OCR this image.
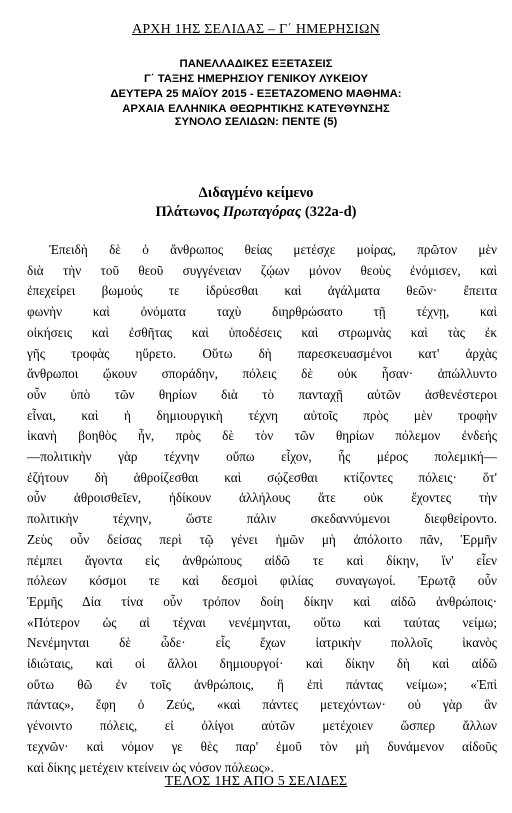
ΑΡΧΗ 1ΗΣ ΣΕΛΙΔΑΣ – Γ΄ ΗΜΕΡΗΣΙΩΝ
ΠΑΝΕΛΛΑΔΙΚΕΣ ΕΞΕΤΑΣΕΙΣ
Γ΄ ΤΑΞΗΣ ΗΜΕΡΗΣΙΟΥ ΓΕΝΙΚΟΥ ΛΥΚΕΙΟΥ
ΔΕΥΤΕΡΑ 25 ΜΑΪΟΥ 2015 - ΕΞΕΤΑΖΟΜΕΝΟ ΜΑΘΗΜΑ:
ΑΡΧΑΙΑ ΕΛΛΗΝΙΚΑ ΘΕΩΡΗΤΙΚΗΣ ΚΑΤΕΥΘΥΝΣΗΣ
ΣΥΝΟΛΟ ΣΕΛΙΔΩΝ: ΠΕΝΤΕ (5)
Διδαγμένο κείμενο
Πλάτωνος Πρωταγόρας (322a-d)
Ἐπειδὴ δὲ ὁ ἄνθρωπος θείας μετέσχε μοίρας, πρῶτον μὲν
διὰ τὴν τοῦ θεοῦ συγγένειαν ζῴων μόνον θεοὺς ἐνόμισεν, καὶ
ἐπεχείρει βωμούς τε ἱδρύεσθαι καὶ ἀγάλματα θεῶν· ἔπειτα
φωνὴν καὶ ὀνόματα ταχὺ διηρθρώσατο τῇ τέχνῃ, καὶ
οἰκήσεις καὶ ἐσθῆτας καὶ ὑποδέσεις καὶ στρωμνὰς καὶ τὰς ἐκ
γῆς τροφὰς ηὕρετο. Οὕτω δὴ παρεσκευασμένοι κατ' ἀρχὰς
ἄνθρωποι ᾤκουν σποράδην, πόλεις δὲ οὐκ ἦσαν· ἀπώλλυντο
οὖν ὑπὸ τῶν θηρίων διὰ τὸ πανταχῇ αὐτῶν ἀσθενέστεροι
εἶναι, καὶ ἡ δημιουργικὴ τέχνη αὐτοῖς πρὸς μὲν τροφὴν
ἱκανὴ βοηθὸς ἦν, πρὸς δὲ τὸν τῶν θηρίων πόλεμον ἐνδεής
—πολιτικὴν γὰρ τέχνην οὔπω εἶχον, ἧς μέρος πολεμική—
ἐζήτουν δὴ ἁθροίζεσθαι καὶ σῴζεσθαι κτίζοντες πόλεις· ὅτ'
οὖν ἁθροισθεῖεν, ἠδίκουν ἀλλήλους ἅτε οὐκ ἔχοντες τὴν
πολιτικὴν τέχνην, ὥστε πάλιν σκεδαννύμενοι διεφθείροντο.
Ζεὺς οὖν δείσας περὶ τῷ γένει ἡμῶν μὴ ἀπόλοιτο πᾶν, Ἑρμῆν
πέμπει ἄγοντα εἰς ἀνθρώπους αἰδῶ τε καὶ δίκην, ἵν' εἶεν
πόλεων κόσμοι τε καὶ δεσμοὶ φιλίας συναγωγοί. Ἐρωτᾷ οὖν
Ἑρμῆς Δία τίνα οὖν τρόπον δοίη δίκην καὶ αἰδῶ ἀνθρώποις·
«Πότερον ὡς αἱ τέχναι νενέμηνται, οὕτω καὶ ταύτας νείμω;
Νενέμηνται δὲ ὧδε· εἷς ἔχων ἰατρικὴν πολλοῖς ἱκανὸς
ἰδιώταις, καὶ οἱ ἄλλοι δημιουργοί· καὶ δίκην δὴ καὶ αἰδῶ
οὕτω θῶ ἐν τοῖς ἀνθρώποις, ἢ ἐπὶ πάντας νείμω»; «Ἐπὶ
πάντας», ἔφη ὁ Ζεύς, «καὶ πάντες μετεχόντων· οὐ γὰρ ἂν
γένοιντο πόλεις, εἰ ὀλίγοι αὐτῶν μετέχοιεν ὥσπερ ἄλλων
τεχνῶν· καὶ νόμον γε θὲς παρ' ἐμοῦ τὸν μὴ δυνάμενον αἰδοῦς
καὶ δίκης μετέχειν κτείνειν ὡς νόσον πόλεως».
ΤΕΛΟΣ 1ΗΣ ΑΠΟ 5 ΣΕΛΙΔΕΣ
